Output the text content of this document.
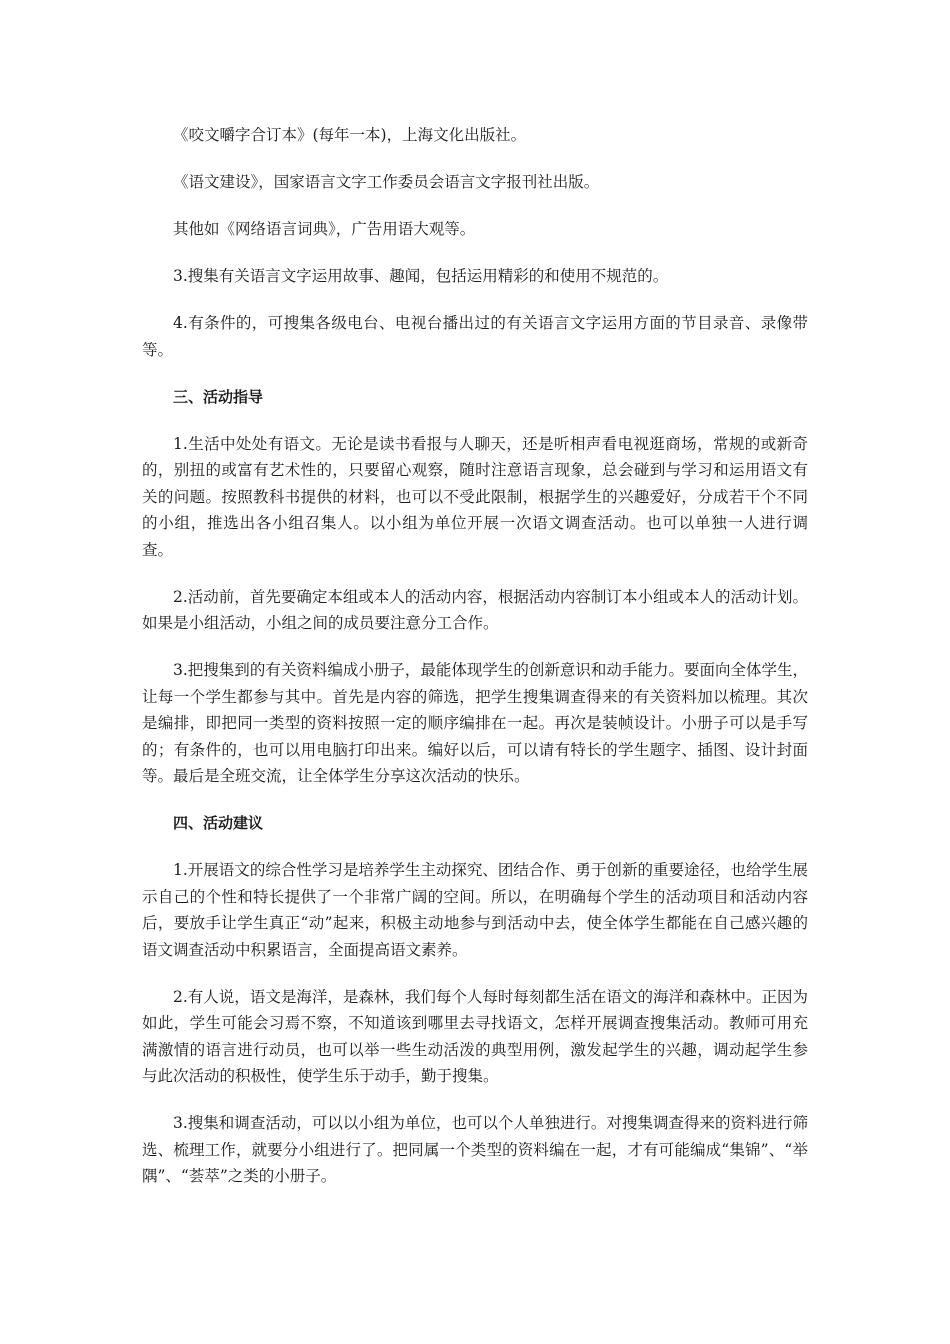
《咬文嚼字合订本》(每年一本)，上海文化出版社。

《语文建设》，国家语言文字工作委员会语言文字报刊社出版。

其他如《网络语言词典》，广告用语大观等。

3.搜集有关语言文字运用故事、趣闻，包括运用精彩的和使用不规范的。

4.有条件的，可搜集各级电台、电视台播出过的有关语言文字运用方面的节目录音、录像带等。

三、活动指导

1.生活中处处有语文。无论是读书看报与人聊天，还是听相声看电视逛商场，常规的或新奇的，别扭的或富有艺术性的，只要留心观察，随时注意语言现象，总会碰到与学习和运用语文有关的问题。按照教科书提供的材料，也可以不受此限制，根据学生的兴趣爱好，分成若干个不同的小组，推选出各小组召集人。以小组为单位开展一次语文调查活动。也可以单独一人进行调查。

2.活动前，首先要确定本组或本人的活动内容，根据活动内容制订本小组或本人的活动计划。如果是小组活动，小组之间的成员要注意分工合作。

3.把搜集到的有关资料编成小册子，最能体现学生的创新意识和动手能力。要面向全体学生，让每一个学生都参与其中。首先是内容的筛选，把学生搜集调查得来的有关资料加以梳理。其次是编排，即把同一类型的资料按照一定的顺序编排在一起。再次是装帧设计。小册子可以是手写的；有条件的，也可以用电脑打印出来。编好以后，可以请有特长的学生题字、插图、设计封面等。最后是全班交流，让全体学生分享这次活动的快乐。

四、活动建议

1.开展语文的综合性学习是培养学生主动探究、团结合作、勇于创新的重要途径，也给学生展示自己的个性和特长提供了一个非常广阔的空间。所以，在明确每个学生的活动项目和活动内容后，要放手让学生真正“动”起来，积极主动地参与到活动中去，使全体学生都能在自己感兴趣的语文调查活动中积累语言，全面提高语文素养。

2.有人说，语文是海洋，是森林，我们每个人每时每刻都生活在语文的海洋和森林中。正因为如此，学生可能会习焉不察，不知道该到哪里去寻找语文，怎样开展调查搜集活动。教师可用充满激情的语言进行动员，也可以举一些生动活泼的典型用例，激发起学生的兴趣，调动起学生参与此次活动的积极性，使学生乐于动手，勤于搜集。

3.搜集和调查活动，可以以小组为单位，也可以个人单独进行。对搜集调查得来的资料进行筛选、梳理工作，就要分小组进行了。把同属一个类型的资料编在一起，才有可能编成“集锦”、“举隅”、“荟萃”之类的小册子。
